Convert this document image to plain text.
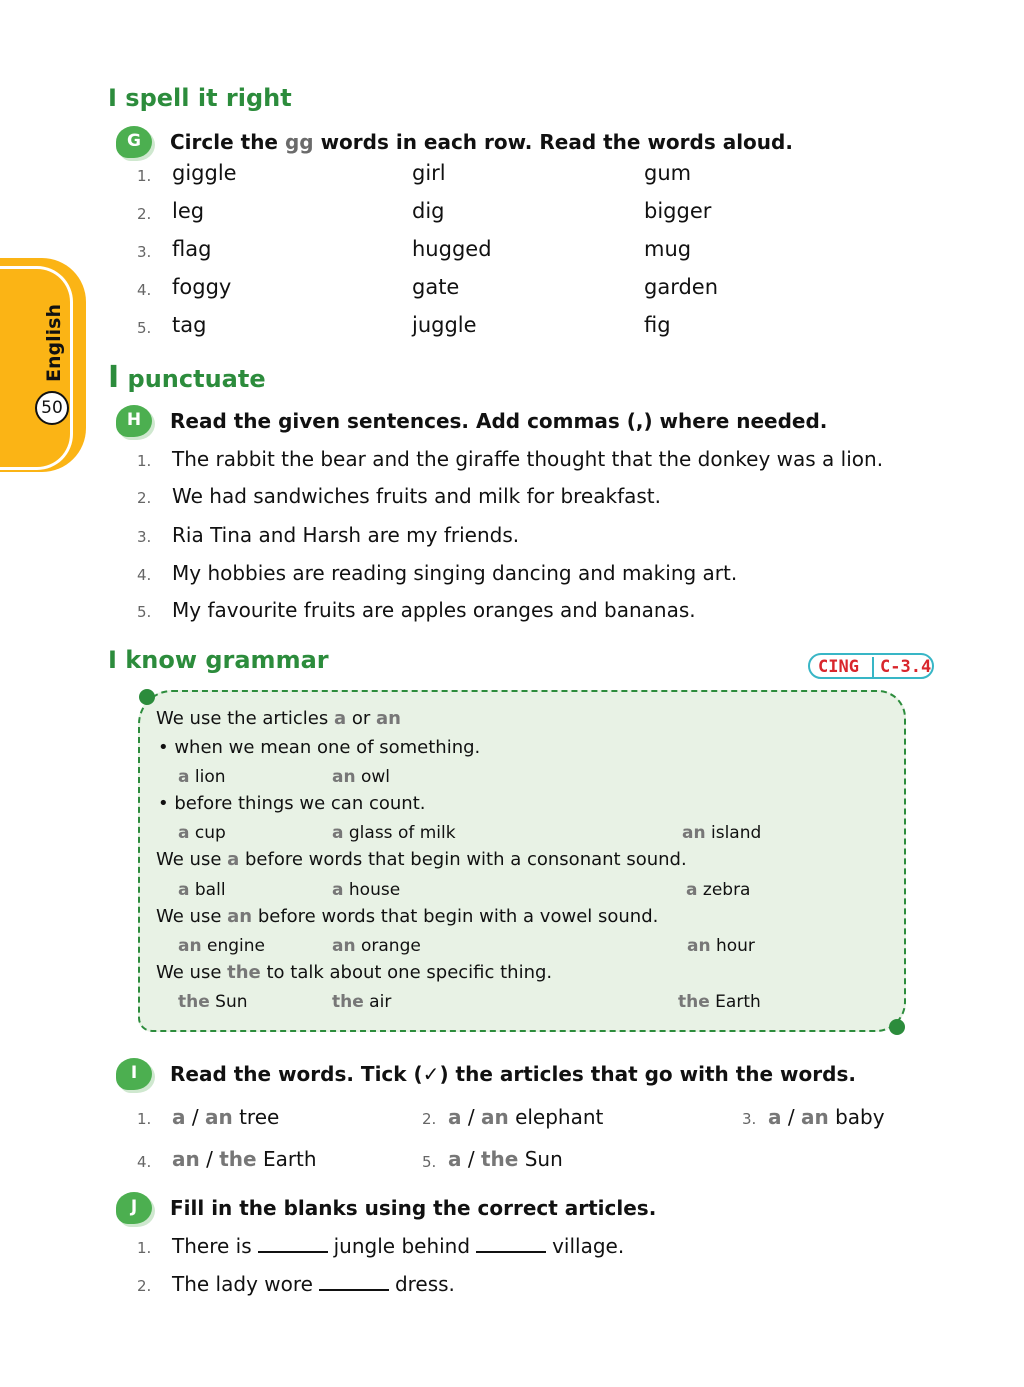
English
50
I spell it right
G	Circle the gg words in each row. Read the words aloud.
1. giggle	girl	gum
2. leg	dig	bigger
3. flag	hugged	mug
4. foggy	gate	garden
5. tag	juggle	fig
I punctuate
H	Read the given sentences. Add commas (,) where needed.
1.	The rabbit the bear and the giraffe thought that the donkey was a lion.
2.	We had sandwiches fruits and milk for breakfast.
3.	Ria Tina and Harsh are my friends.
4.	My hobbies are reading singing dancing and making art.
5.	My favourite fruits are apples oranges and bananas.
I know grammar	CING C-3.4
We use the articles a or an
• when we mean one of something.
a lion	an owl
• before things we can count.
a cup	a glass of milk	an island
We use a before words that begin with a consonant sound.
a ball	a house	a zebra
We use an before words that begin with a vowel sound.
an engine	an orange	an hour
We use the to talk about one specific thing.
the Sun	the air	the Earth
I	Read the words. Tick (✓) the articles that go with the words.
1.	a / an tree	2. a / an elephant	3. a / an baby
4.	an / the Earth	5. a / the Sun
J	Fill in the blanks using the correct articles.
1.	There is	jungle behind	village.
2.	The lady wore	dress.
